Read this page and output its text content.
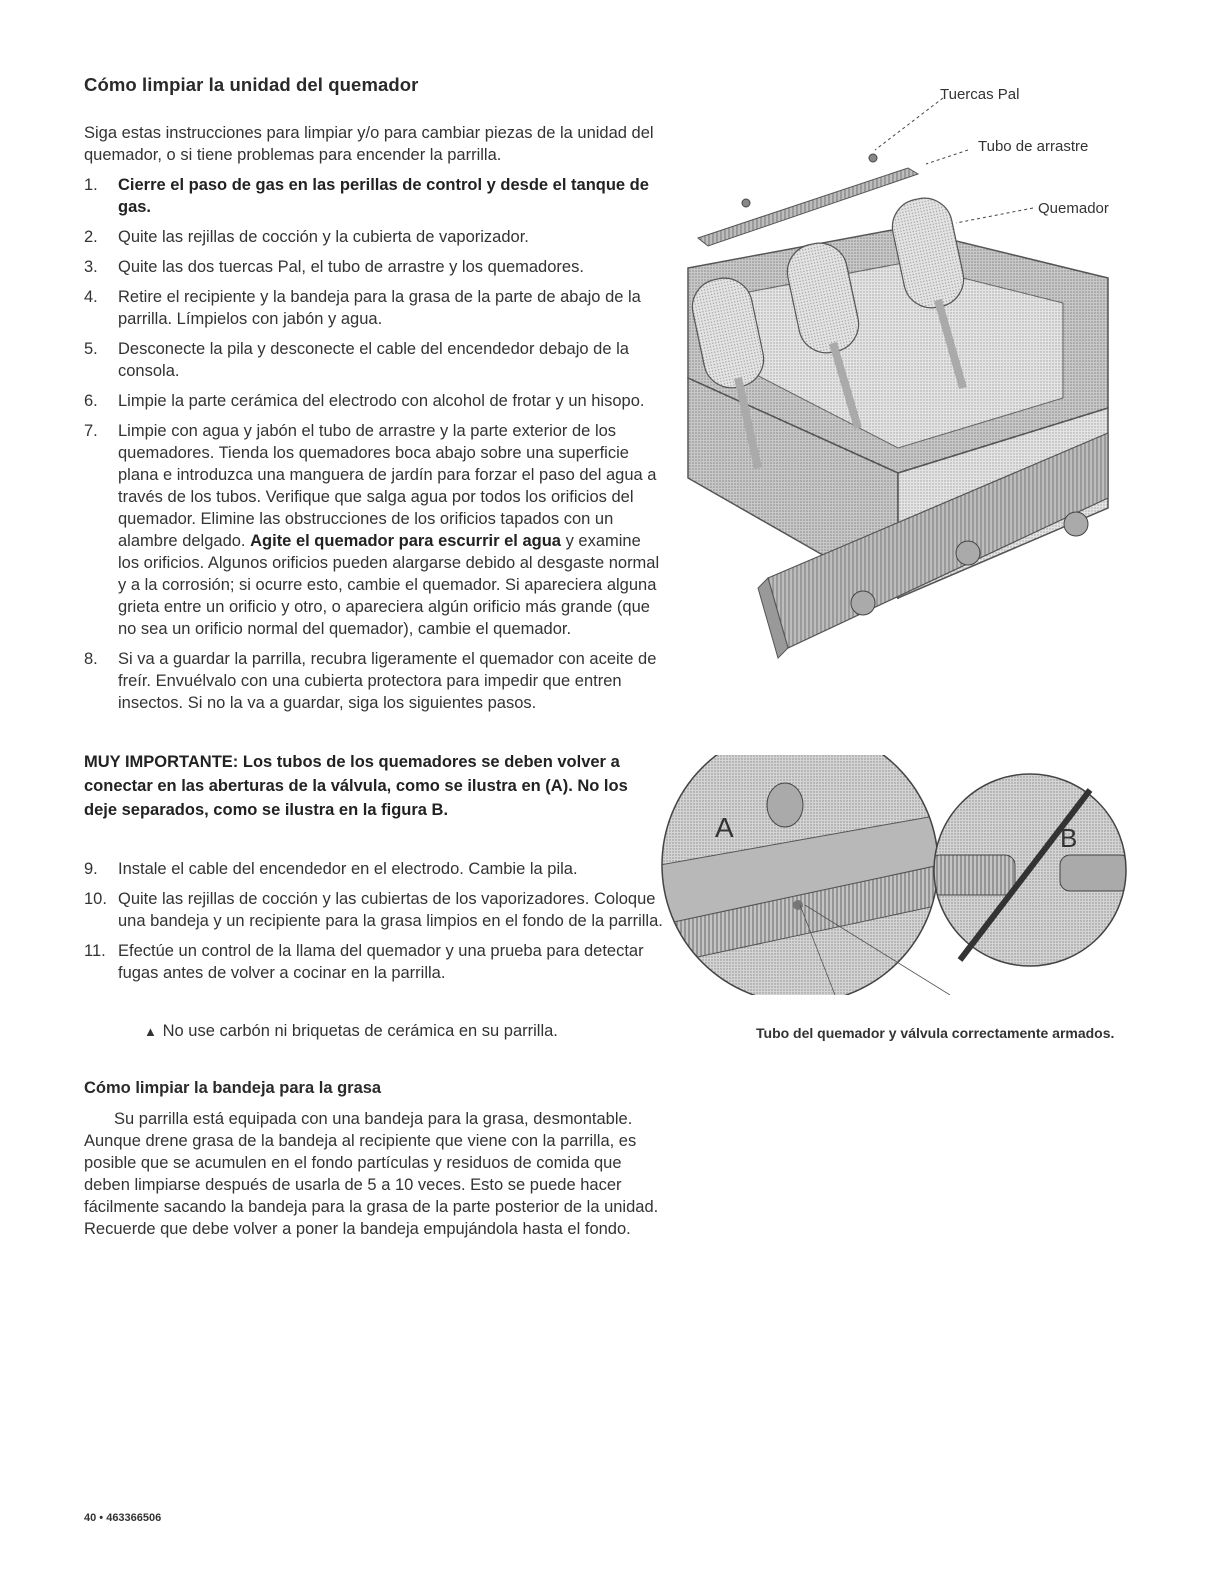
Cómo limpiar la unidad del quemador

Siga estas instrucciones para limpiar y/o para cambiar piezas de la unidad del quemador, o si tiene problemas para encender la parrilla.

1. Cierre el paso de gas en las perillas de control y desde el tanque de gas.
2. Quite las rejillas de cocción y la cubierta de vaporizador.
3. Quite las dos tuercas Pal, el tubo de arrastre y los quemadores.
4. Retire el recipiente y la bandeja para la grasa de la parte de abajo de la parrilla. Límpielos con jabón y agua.
5. Desconecte la pila y desconecte el cable del encendedor debajo de la consola.
6. Limpie la parte cerámica del electrodo con alcohol de frotar y un hisopo.
7. Limpie con agua y jabón el tubo de arrastre y la parte exterior de los quemadores. Tienda los quemadores boca abajo sobre una superficie plana e introduzca una manguera de jardín para forzar el paso del agua a través de los tubos. Verifique que salga agua por todos los orificios del quemador. Elimine las obstrucciones de los orificios tapados con un alambre delgado. Agite el quemador para escurrir el agua y examine los orificios. Algunos orificios pueden alargarse debido al desgaste normal y a la corrosión; si ocurre esto, cambie el quemador. Si apareciera alguna grieta entre un orificio y otro, o apareciera algún orificio más grande (que no sea un orificio normal del quemador), cambie el quemador.
8. Si va a guardar la parrilla, recubra ligeramente el quemador con aceite de freír. Envuélvalo con una cubierta protectora para impedir que entren insectos. Si no la va a guardar, siga los siguientes pasos.

MUY IMPORTANTE: Los tubos de los quemadores se deben volver a conectar en las aberturas de la válvula, como se ilustra en (A). No los deje separados, como se ilustra en la figura B.

9. Instale el cable del encendedor en el electrodo. Cambie la pila.
10. Quite las rejillas de cocción y las cubiertas de los vaporizadores. Coloque una bandeja y un recipiente para la grasa limpios en el fondo de la parrilla.
11. Efectúe un control de la llama del quemador y una prueba para detectar fugas antes de volver a cocinar en la parrilla.

▲ No use carbón ni briquetas de cerámica en su parrilla.

Cómo limpiar la bandeja para la grasa

Su parrilla está equipada con una bandeja para la grasa, desmontable. Aunque drene grasa de la bandeja al recipiente que viene con la parrilla, es posible que se acumulen en el fondo partículas y residuos de comida que deben limpiarse después de usarla de 5 a 10 veces. Esto se puede hacer fácilmente sacando la bandeja para la grasa de la parte posterior de la unidad. Recuerde que debe volver a poner la bandeja empujándola hasta el fondo.

40 • 463366506
Tuercas Pal
Tubo de arrastre
Quemador
A	B
Tubo del quemador y válvula correctamente armados.
